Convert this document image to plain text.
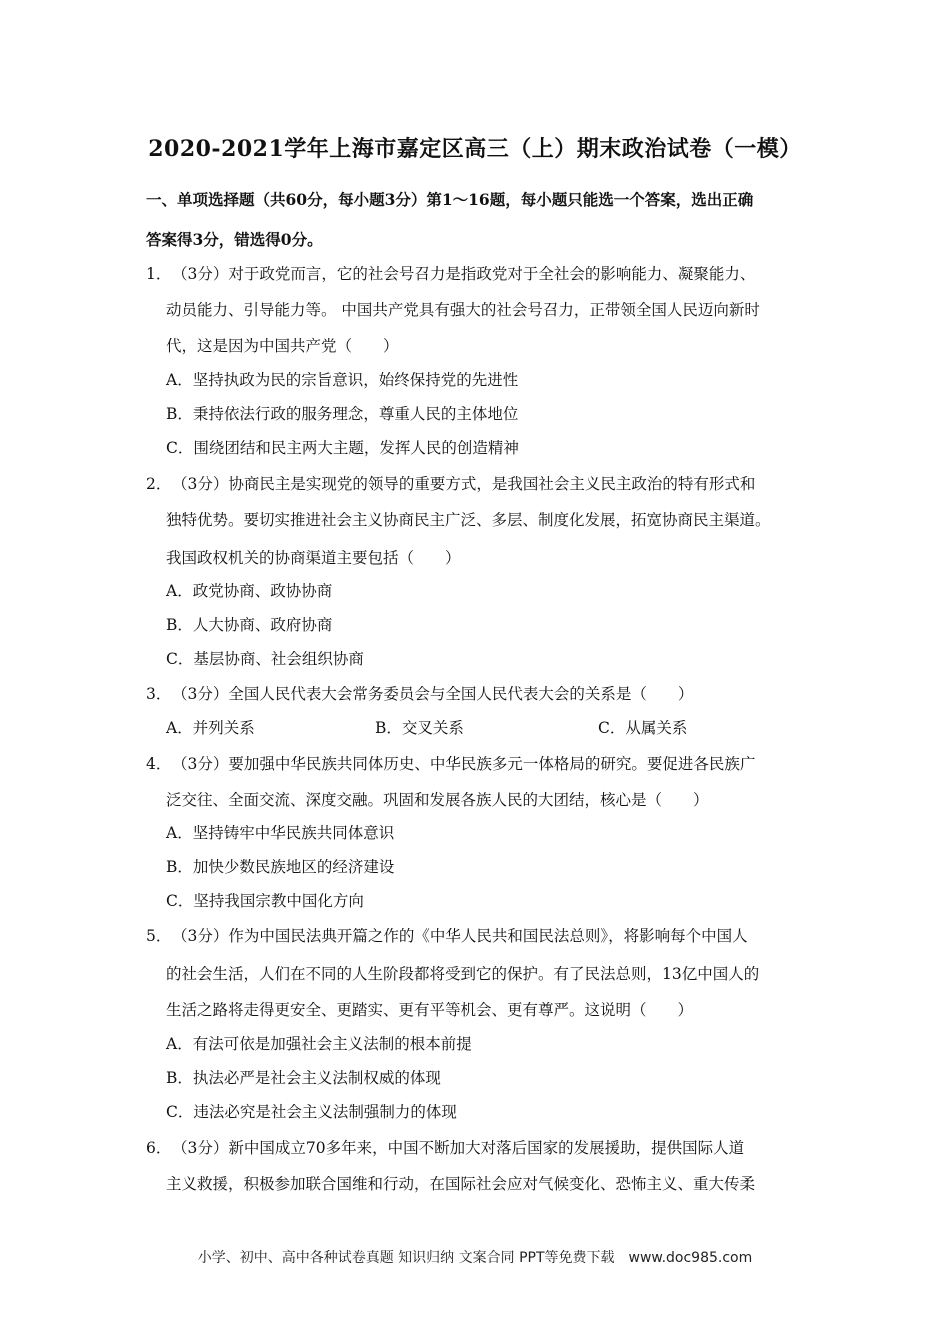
2020-2021学年上海市嘉定区高三（上）期末政治试卷（一模）
一、单项选择题（共60分，每小题3分）第1～16题，每小题只能选一个答案，选出正确
答案得3分，错选得0分。
1． （3分）对于政党而言，它的社会号召力是指政党对于全社会的影响能力、凝聚能力、
动员能力、引导能力等。 中国共产党具有强大的社会号召力，正带领全国人民迈向新时
代，这是因为中国共产党（　　）
A．坚持执政为民的宗旨意识，始终保持党的先进性
B．秉持依法行政的服务理念，尊重人民的主体地位
C．围绕团结和民主两大主题，发挥人民的创造精神
2． （3分）协商民主是实现党的领导的重要方式，是我国社会主义民主政治的特有形式和
独特优势。要切实推进社会主义协商民主广泛、多层、制度化发展，拓宽协商民主渠道。
我国政权机关的协商渠道主要包括（　　）
A．政党协商、政协协商
B．人大协商、政府协商
C．基层协商、社会组织协商
3． （3分）全国人民代表大会常务委员会与全国人民代表大会的关系是（　　）
A．并列关系	B．交叉关系	C．从属关系
4． （3分）要加强中华民族共同体历史、中华民族多元一体格局的研究。要促进各民族广
泛交往、全面交流、深度交融。巩固和发展各族人民的大团结，核心是（　　）
A．坚持铸牢中华民族共同体意识
B．加快少数民族地区的经济建设
C．坚持我国宗教中国化方向
5． （3分）作为中国民法典开篇之作的《中华人民共和国民法总则》，将影响每个中国人
的社会生活，人们在不同的人生阶段都将受到它的保护。有了民法总则，13亿中国人的
生活之路将走得更安全、更踏实、更有平等机会、更有尊严。这说明（　　）
A．有法可依是加强社会主义法制的根本前提
B．执法必严是社会主义法制权威的体现
C．违法必究是社会主义法制强制力的体现
6． （3分）新中国成立70多年来，中国不断加大对落后国家的发展援助，提供国际人道
主义救援，积极参加联合国维和行动，在国际社会应对气候变化、恐怖主义、重大传柔
小学、初中、高中各种试卷真题 知识归纳 文案合同 PPT等免费下载　www.doc985.com
